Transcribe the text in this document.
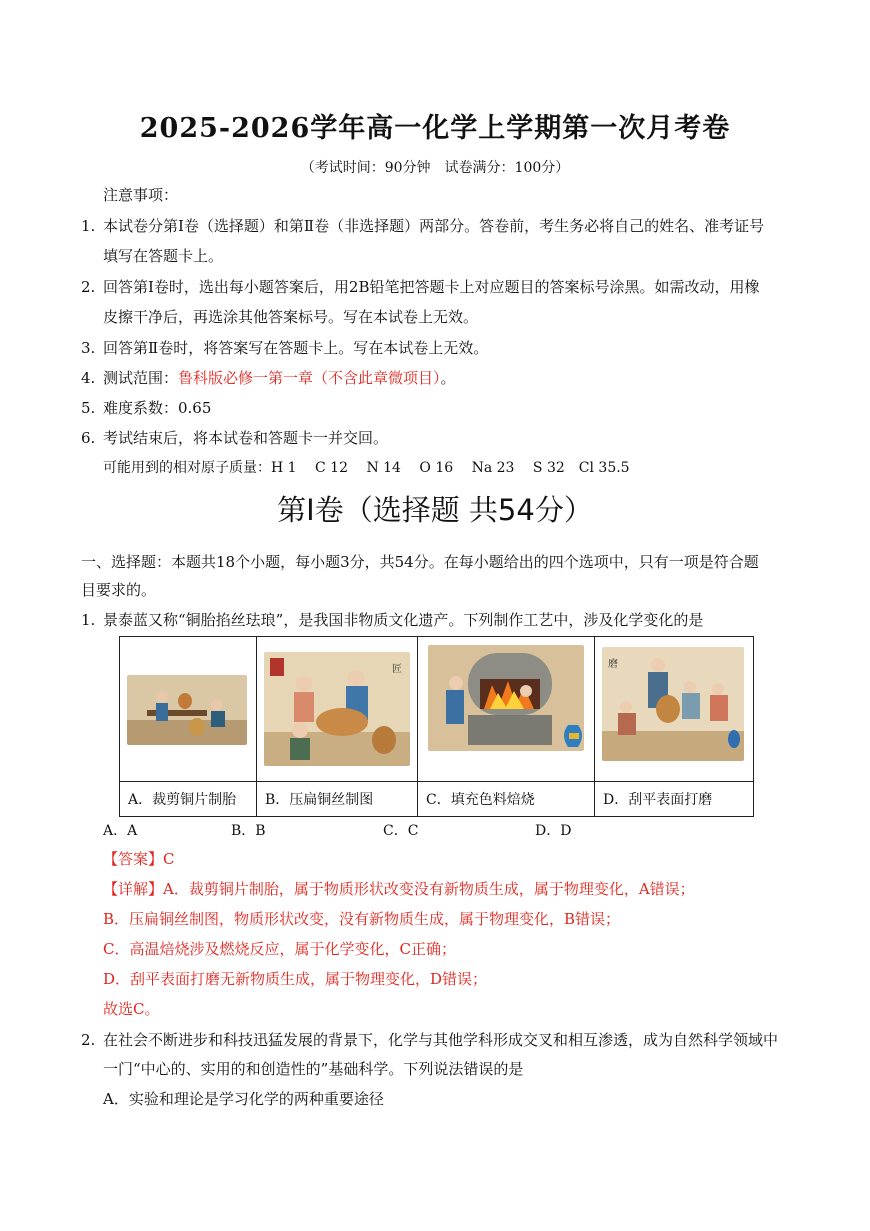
2025-2026学年高一化学上学期第一次月考卷
（考试时间：90分钟　试卷满分：100分）
注意事项：
1. 本试卷分第Ⅰ卷（选择题）和第Ⅱ卷（非选择题）两部分。答卷前，考生务必将自己的姓名、准考证号
填写在答题卡上。
2. 回答第Ⅰ卷时，选出每小题答案后，用2B铅笔把答题卡上对应题目的答案标号涂黑。如需改动，用橡
皮擦干净后，再选涂其他答案标号。写在本试卷上无效。
3. 回答第Ⅱ卷时，将答案写在答题卡上。写在本试卷上无效。
4. 测试范围：鲁科版必修一第一章（不含此章微项目）。
5. 难度系数：0.65
6. 考试结束后，将本试卷和答题卡一并交回。
可能用到的相对原子质量：H 1　 C 12　 N 14　 O 16　 Na 23　 S 32　Cl 35.5
第Ⅰ卷（选择题 共54分）
一、选择题：本题共18个小题，每小题3分，共54分。在每小题给出的四个选项中，只有一项是符合题
目要求的。
1. 景泰蓝又称“铜胎掐丝珐琅”，是我国非物质文化遗产。下列制作工艺中，涉及化学变化的是

匠		磨

A．裁剪铜片制胎	B．压扁铜丝制图	C．填充色料焙烧	D．刮平表面打磨
A．A	B．B	C．C	D．D
【答案】C
【详解】A．裁剪铜片制胎，属于物质形状改变没有新物质生成，属于物理变化，A错误；
B．压扁铜丝制图，物质形状改变，没有新物质生成，属于物理变化，B错误；
C．高温焙烧涉及燃烧反应，属于化学变化，C正确；
D．刮平表面打磨无新物质生成，属于物理变化，D错误；
故选C。
2. 在社会不断进步和科技迅猛发展的背景下，化学与其他学科形成交叉和相互渗透，成为自然科学领域中
一门“中心的、实用的和创造性的”基础科学。下列说法错误的是
A．实验和理论是学习化学的两种重要途径
